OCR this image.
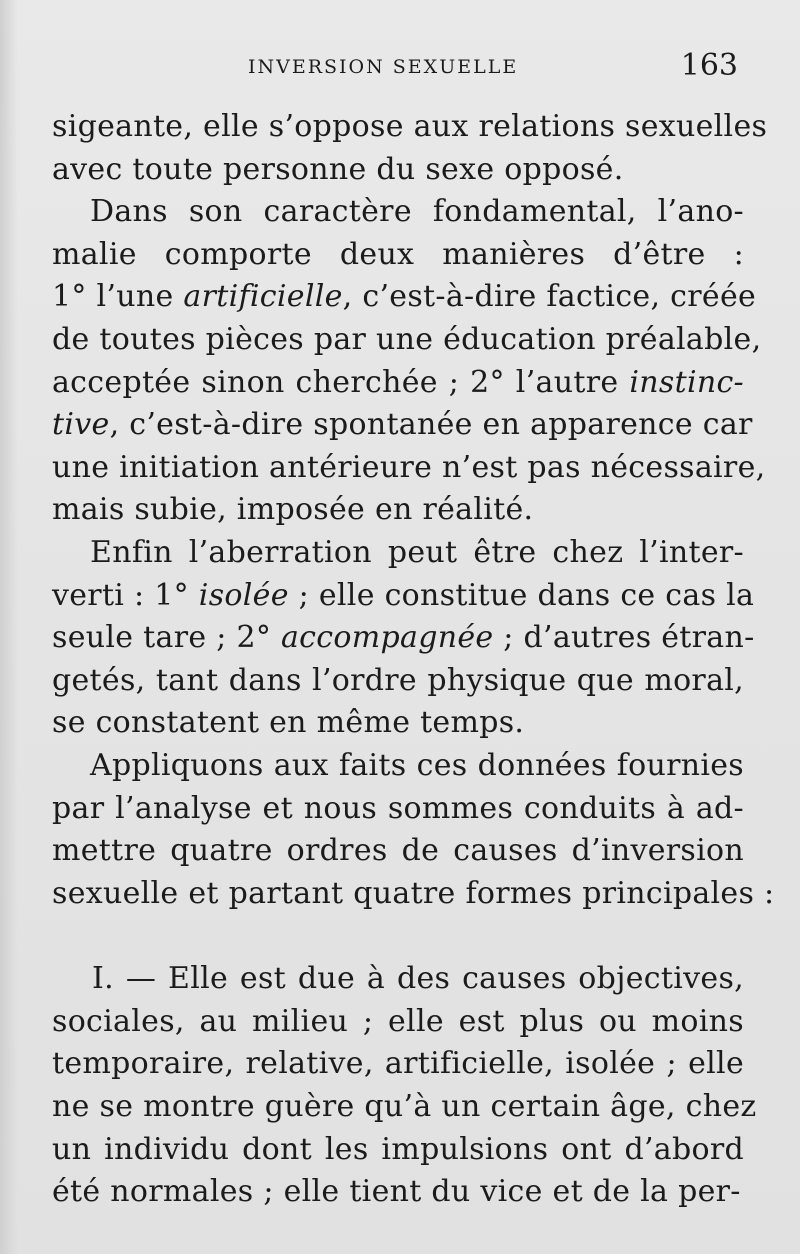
INVERSION SEXUELLE	163
sigeante, elle s’oppose aux relations sexuelles
avec toute personne du sexe opposé.
Dans son caractère fondamental, l’ano-
malie comporte deux manières d’être :
1° l’une artificielle, c’est-à-dire factice, créée
de toutes pièces par une éducation préalable,
acceptée sinon cherchée ; 2° l’autre instinc-
tive, c’est-à-dire spontanée en apparence car
une initiation antérieure n’est pas nécessaire,
mais subie, imposée en réalité.
Enfin l’aberration peut être chez l’inter-
verti : 1° isolée ; elle constitue dans ce cas la
seule tare ; 2° accompagnée ; d’autres étran-
getés, tant dans l’ordre physique que moral,
se constatent en même temps.
Appliquons aux faits ces données fournies
par l’analyse et nous sommes conduits à ad-
mettre quatre ordres de causes d’inversion
sexuelle et partant quatre formes principales :
I. — Elle est due à des causes objectives,
sociales, au milieu ; elle est plus ou moins
temporaire, relative, artificielle, isolée ; elle
ne se montre guère qu’à un certain âge, chez
un individu dont les impulsions ont d’abord
été normales ; elle tient du vice et de la per-
